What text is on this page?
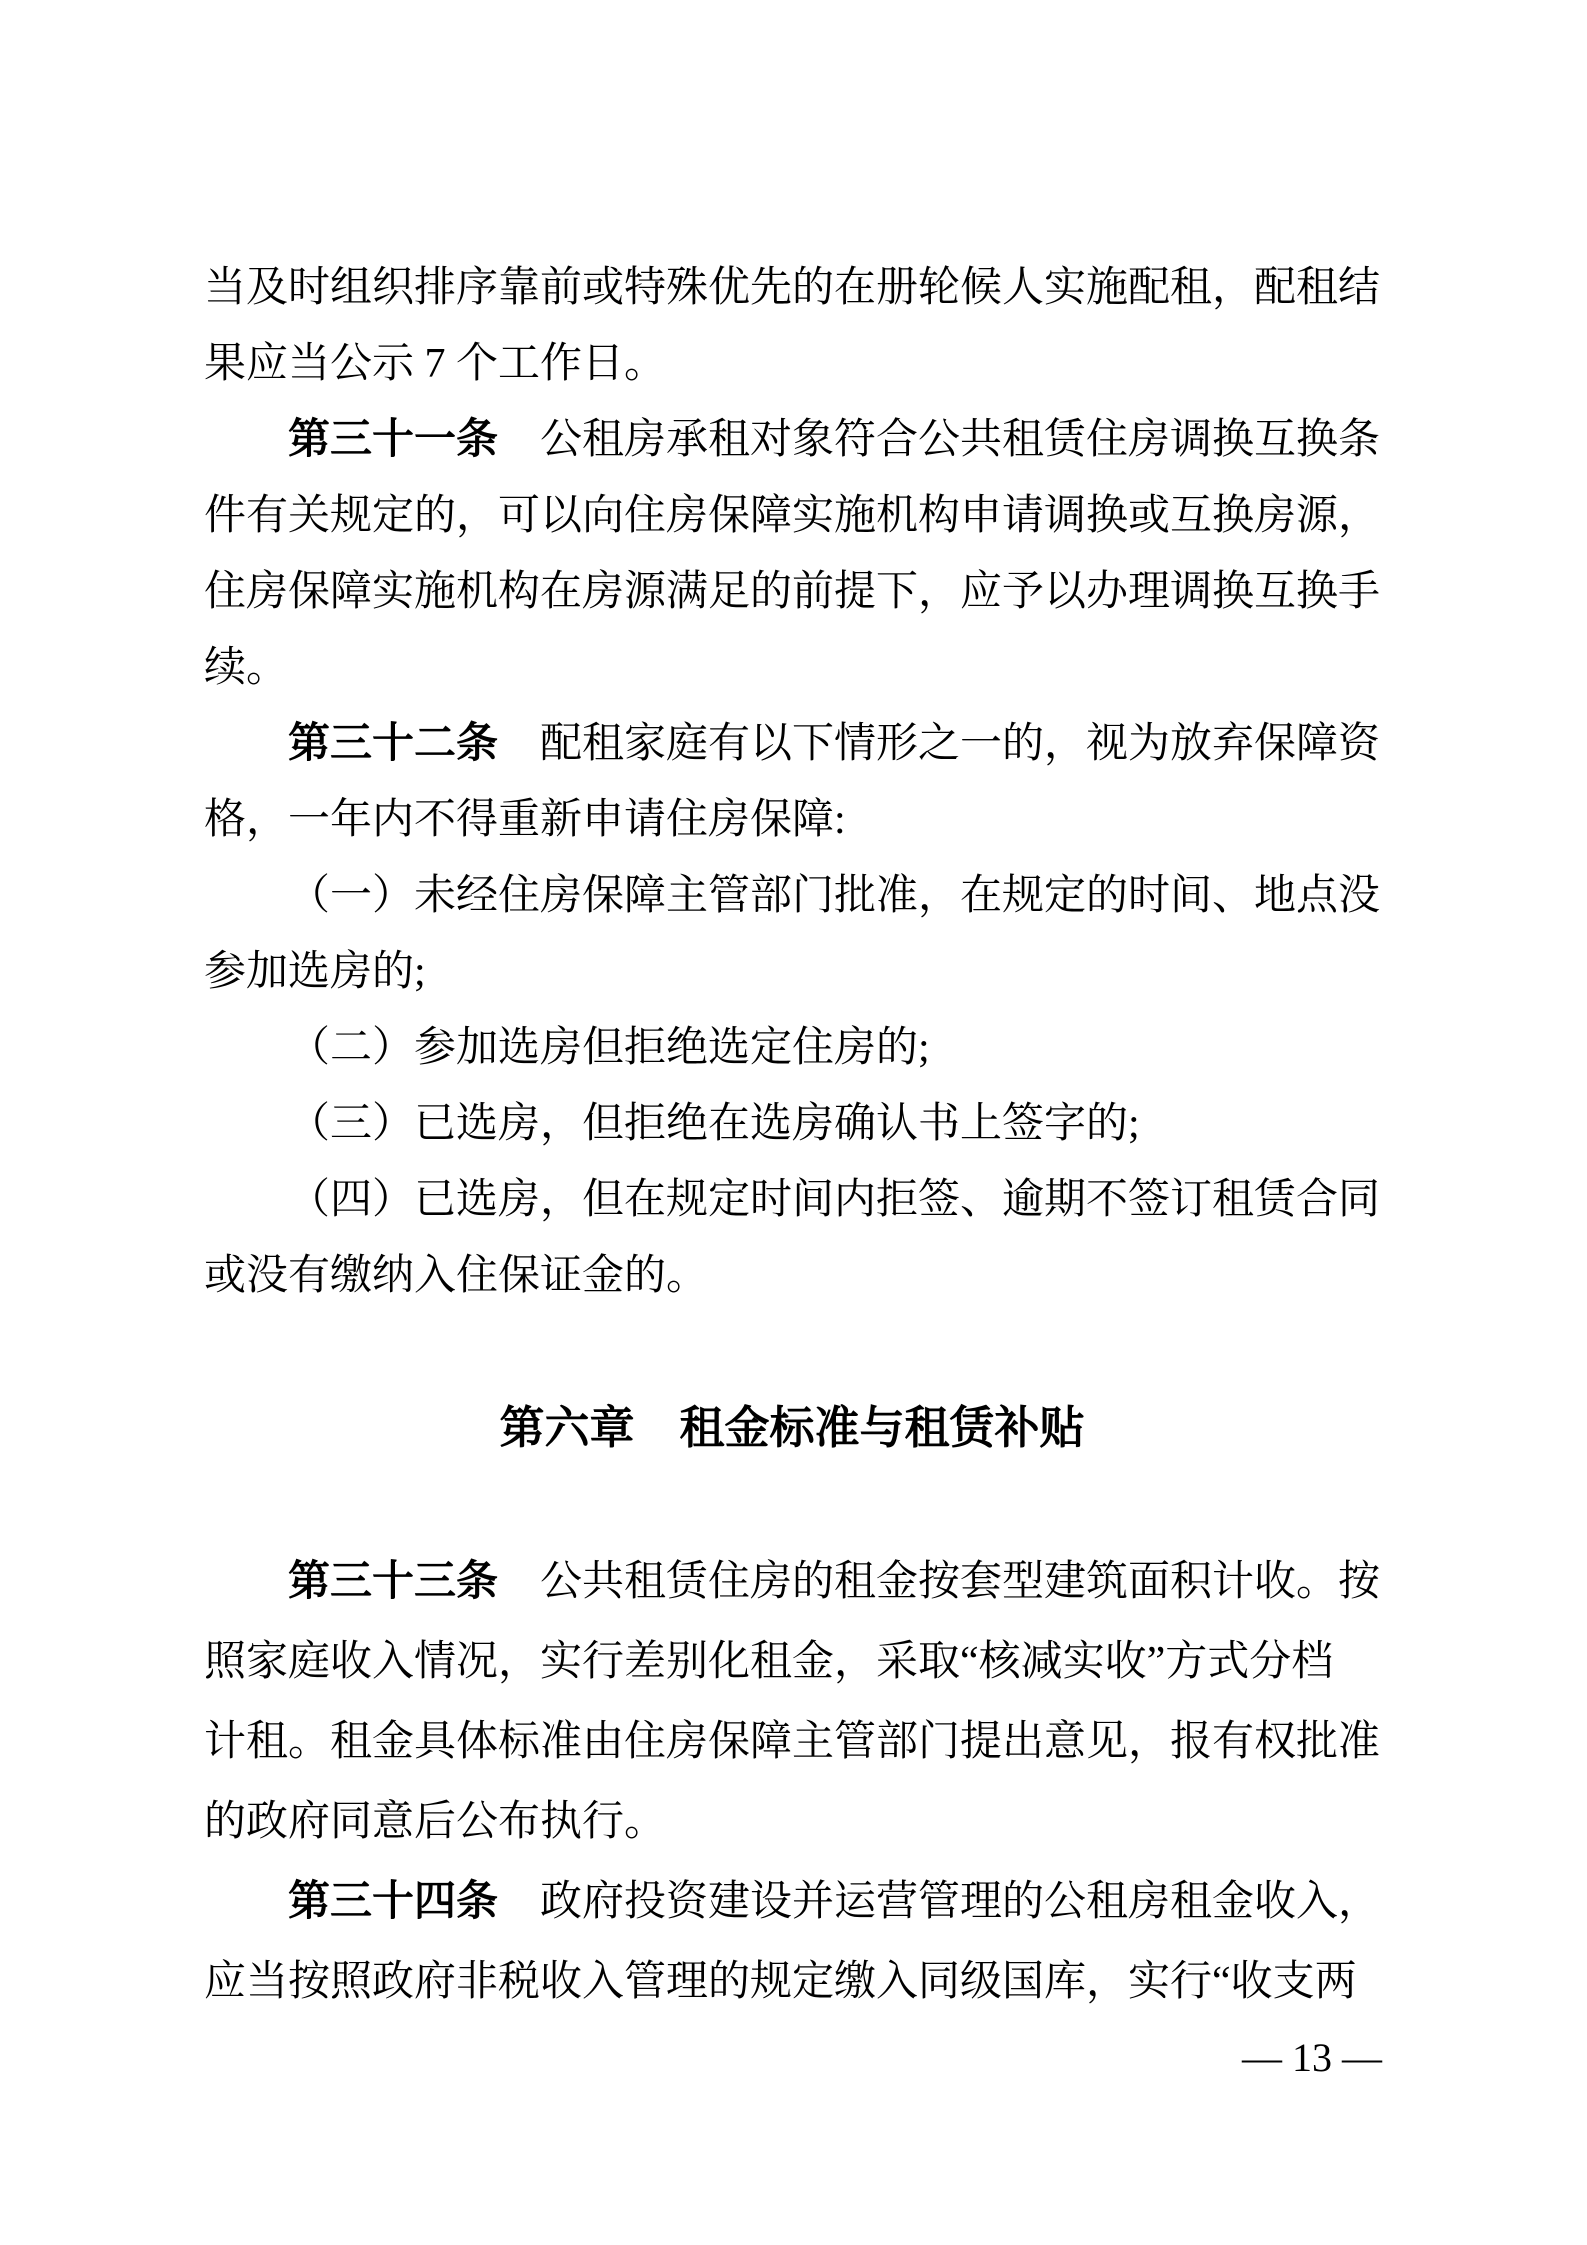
当及时组织排序靠前或特殊优先的在册轮候人实施配租，配租结
果应当公示 7 个工作日。
第三十一条　公租房承租对象符合公共租赁住房调换互换条
件有关规定的，可以向住房保障实施机构申请调换或互换房源，
住房保障实施机构在房源满足的前提下，应予以办理调换互换手
续。
第三十二条　配租家庭有以下情形之一的，视为放弃保障资
格，一年内不得重新申请住房保障:
（一）未经住房保障主管部门批准，在规定的时间、地点没
参加选房的;
（二）参加选房但拒绝选定住房的;
（三）已选房，但拒绝在选房确认书上签字的;
（四）已选房，但在规定时间内拒签、逾期不签订租赁合同
或没有缴纳入住保证金的。
第六章　租金标准与租赁补贴
第三十三条　公共租赁住房的租金按套型建筑面积计收。按
照家庭收入情况，实行差别化租金，采取“核减实收”方式分档
计租。租金具体标准由住房保障主管部门提出意见，报有权批准
的政府同意后公布执行。
第三十四条　政府投资建设并运营管理的公租房租金收入，
应当按照政府非税收入管理的规定缴入同级国库，实行“收支两
— 13 —
